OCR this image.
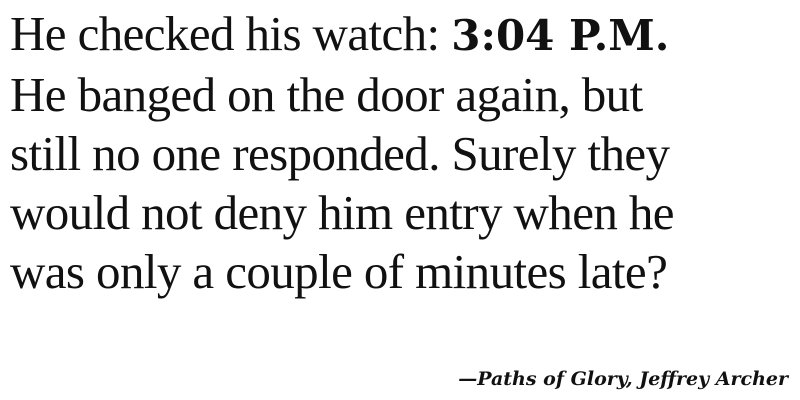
He checked his watch: 3:04 P.M.
He banged on the door again, but
still no one responded. Surely they
would not deny him entry when he
was only a couple of minutes late?
—Paths of Glory, Jeffrey Archer
